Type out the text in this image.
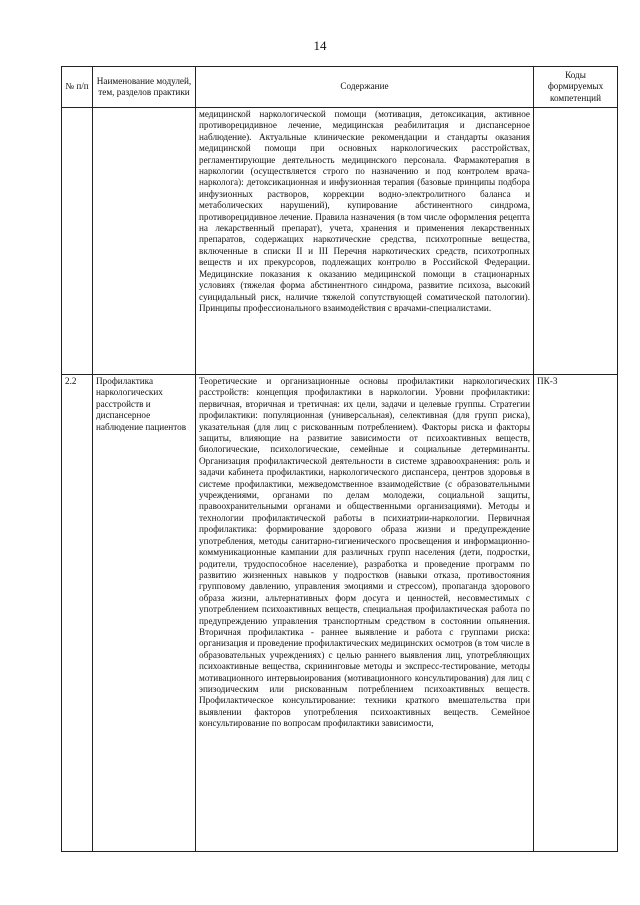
14
№ п/п	Наименование модулей, тем, разделов практики	Содержание	Коды формируемых компетенций
		медицинской наркологической помощи (мотивация, детоксикация, активное противорецидивное лечение, медицинская реабилитация и диспансерное наблюдение). Актуальные клинические рекомендации и стандарты оказания медицинской помощи при основных наркологических расстройствах, регламентирующие деятельность медицинского персонала. Фармакотерапия в наркологии (осуществляется строго по назначению и под контролем врача-нарколога): детоксикационная и инфузионная терапия (базовые принципы подбора инфузионных растворов, коррекции водно-электролитного баланса и метаболических нарушений), купирование абстинентного синдрома, противорецидивное лечение. Правила назначения (в том числе оформления рецепта на лекарственный препарат), учета, хранения и применения лекарственных препаратов, содержащих наркотические средства, психотропные вещества, включенные в списки II и III Перечня наркотических средств, психотропных веществ и их прекурсоров, подлежащих контролю в Российской Федерации. Медицинские показания к оказанию медицинской помощи в стационарных условиях (тяжелая форма абстинентного синдрома, развитие психоза, высокий суицидальный риск, наличие тяжелой сопутствующей соматической патологии). Принципы профессионального взаимодействия с врачами-специалистами.	
2.2	Профилактика наркологических расстройств и диспансерное наблюдение пациентов	Теоретические и организационные основы профилактики наркологических расстройств: концепция профилактики в наркологии. Уровни профилактики: первичная, вторичная и третичная: их цели, задачи и целевые группы. Стратегии профилактики: популяционная (универсальная), селективная (для групп риска), указательная (для лиц с рискованным потреблением). Факторы риска и факторы защиты, влияющие на развитие зависимости от психоактивных веществ, биологические, психологические, семейные и социальные детерминанты. Организация профилактической деятельности в системе здравоохранения: роль и задачи кабинета профилактики, наркологического диспансера, центров здоровья в системе профилактики, межведомственное взаимодействие (с образовательными учреждениями, органами по делам молодежи, социальной защиты, правоохранительными органами и общественными организациями). Методы и технологии профилактической работы в психиатрии-наркологии. Первичная профилактика: формирование здорового образа жизни и предупреждение употребления, методы санитарно-гигиенического просвещения и информационно-коммуникационные кампании для различных групп населения (дети, подростки, родители, трудоспособное население), разработка и проведение программ по развитию жизненных навыков у подростков (навыки отказа, противостояния групповому давлению, управления эмоциями и стрессом), пропаганда здорового образа жизни, альтернативных форм досуга и ценностей, несовместимых с употреблением психоактивных веществ, специальная профилактическая работа по предупреждению управления транспортным средством в состоянии опьянения. Вторичная профилактика - раннее выявление и работа с группами риска: организация и проведение профилактических медицинских осмотров (в том числе в образовательных учреждениях) с целью раннего выявления лиц, употребляющих психоактивные вещества, скрининговые методы и экспресс-тестирование, методы мотивационного интервьюирования (мотивационного консультирования) для лиц с эпизодическим или рискованным потреблением психоактивных веществ. Профилактическое консультирование: техники краткого вмешательства при выявлении факторов употребления психоактивных веществ. Семейное консультирование по вопросам профилактики зависимости,	ПК-3
